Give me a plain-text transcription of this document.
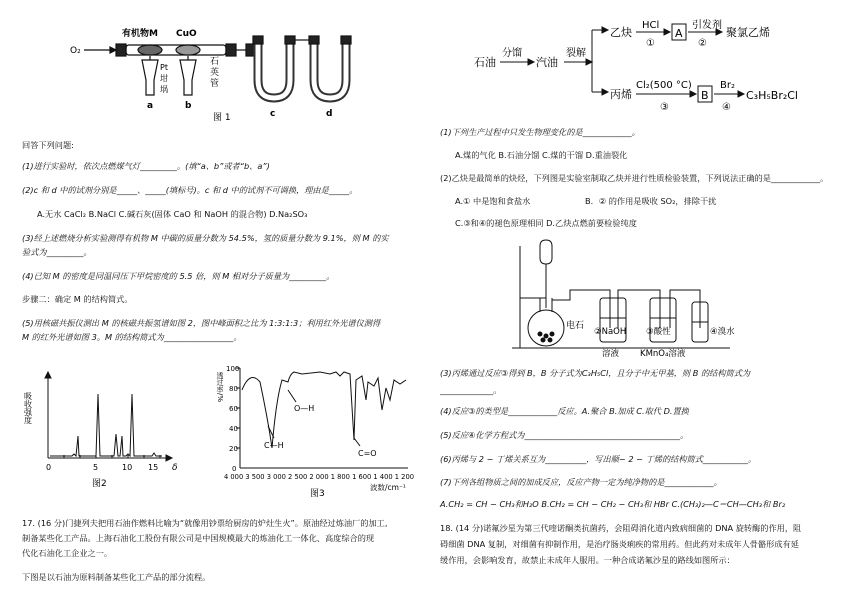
O₂
有机物M CuO
Pt
坩
埚
石
英
管
a	b
c	d
图 1
回答下列问题:
(1)进行实验时，依次点燃煤气灯_________。(填“a、b”或者“b、a”)
(2)c 和 d 中的试剂分别是_____、_____(填标号)。c 和 d 中的试剂不可调换，理由是_____。
A.无水 CaCl₂ B.NaCl C.碱石灰(固体 CaO 和 NaOH 的混合物) D.Na₂SO₃
(3)经上述燃烧分析实验测得有机物 M 中碳的质量分数为 54.5%，氢的质量分数为 9.1%，则 M 的实
验式为_________。
(4)已知 M 的密度是同温同压下甲烷密度的 5.5 倍，则 M 相对分子质量为_________。
步骤二：确定 M 的结构简式。
(5)用核磁共振仪测出 M 的核磁共振氢谱如图 2，图中峰面积之比为 1:3:1:3；利用红外光谱仪测得
M 的红外光谱如图 3。M 的结构简式为_________________。
吸收强度
0	5	10 15 δ
图2
透过率/%
100
80
60
40
20
0
4 000 3 500 3 000 2 500 2 000 1 800 1 600 1 400 1 200
波数/cm⁻¹
O—H
C—H
C=O
图3
17. (16 分)门捷列夫把用石油作燃料比喻为“就像用钞票给厨房的炉灶生火”。原油经过炼油厂的加工,
制备某些化工产品。上海石油化工股份有限公司是中国规模最大的炼油化工一体化、高度综合的现
代化石油化工企业之一。
下图是以石油为原料制备某些化工产品的部分流程。
石油
分馏
汽油
裂解
乙炔
HCl
①
A
引发剂
②
聚氯乙烯
丙烯
Cl₂(500 °C)
③
B
Br₂
④
C₃H₅Br₂Cl
(1)下列生产过程中只发生物理变化的是____________。
A.煤的气化 B.石油分馏 C.煤的干馏 D.重油裂化
(2)乙炔是最简单的炔烃，下列图是实验室制取乙炔并进行性质检验装置，下列说法正确的是____________。
A.① 中是饱和食盐水	B．② 的作用是吸收 SO₂，排除干扰
C.③和④的褪色原理相同 D.乙炔点燃前要检验纯度
电石
②NaOH
溶液
③酸性
KMnO₄溶液
④溴水
(3)丙烯通过反应③得到 B，B 分子式为C₃H₅Cl，且分子中无甲基，则 B 的结构简式为
_____________。
(4)反应③的类型是____________反应。A.聚合 B.加成 C.取代 D.置换
(5)反应④化学方程式为______________________________________。
(6)丙烯与 2 − 丁烯关系互为__________，写出顺− 2 − 丁烯的结构简式___________。
(7)下列各组物质之间的加成反应，反应产物一定为纯净物的是____________。
A.CH₂ = CH − CH₃和H₂O B.CH₂ = CH − CH₂ − CH₃和 HBr C.(CH₃)₂—C＝CH—CH₃和 Br₂
18. (14 分)诺氟沙星为第三代喹诺酮类抗菌药，会阻碍消化道内致病细菌的 DNA 旋转酶的作用，阻
碍细菌 DNA 复制，对细菌有抑制作用，是治疗肠炎痢疾的常用药。但此药对未成年人骨骼形成有延
缓作用，会影响发育，故禁止未成年人服用。一种合成诺氟沙星的路线如图所示：
